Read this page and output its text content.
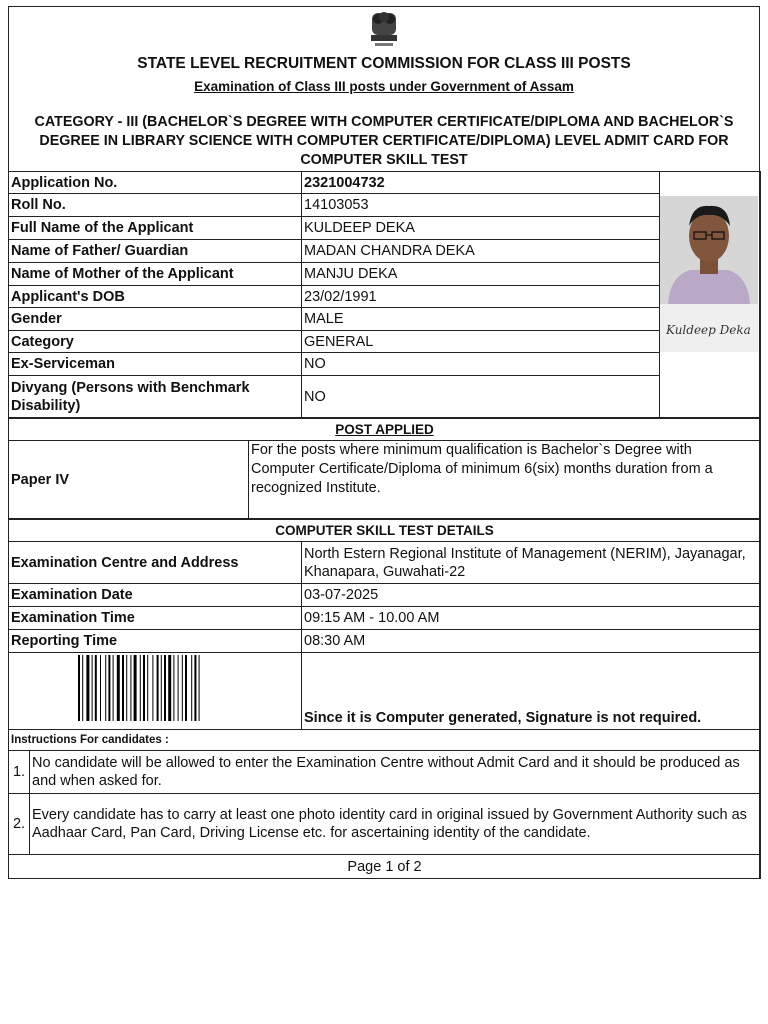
STATE LEVEL RECRUITMENT COMMISSION FOR CLASS III POSTS
Examination of Class III posts under Government of Assam
CATEGORY - III (BACHELOR`S DEGREE WITH COMPUTER CERTIFICATE/DIPLOMA AND BACHELOR`S DEGREE IN LIBRARY SCIENCE WITH COMPUTER CERTIFICATE/DIPLOMA) LEVEL ADMIT CARD FOR COMPUTER SKILL TEST
Application No.	2321004732	Kuldeep Deka

Roll No.	14103053	
Full Name of the Applicant	KULDEEP DEKA	
Name of Father/ Guardian	MADAN CHANDRA DEKA	
Name of Mother of the Applicant	MANJU DEKA	
Applicant's DOB	23/02/1991	
Gender	MALE	
Category	GENERAL	
Ex-Serviceman	NO	
Divyang (Persons with Benchmark Disability)	NO	
POST APPLIED
Paper IV	For the posts where minimum qualification is Bachelor`s Degree with Computer Certificate/Diploma of minimum 6(six) months duration from a recognized Institute.
COMPUTER SKILL TEST DETAILS	
Examination Centre and Address	North Estern Regional Institute of Management (NERIM), Jayanagar, Khanapara, Guwahati-22
Examination Date	03-07-2025
Examination Time	09:15 AM - 10.00 AM
Reporting Time	08:30 AM
	Since it is Computer generated, Signature is not required.
Instructions For candidates :	
1.	No candidate will be allowed to enter the Examination Centre without Admit Card and it should be produced as and when asked for.
2.	Every candidate has to carry at least one photo identity card in original issued by Government Authority such as Aadhaar Card, Pan Card, Driving License etc. for ascertaining identity of the candidate.
Page 1 of 2	
